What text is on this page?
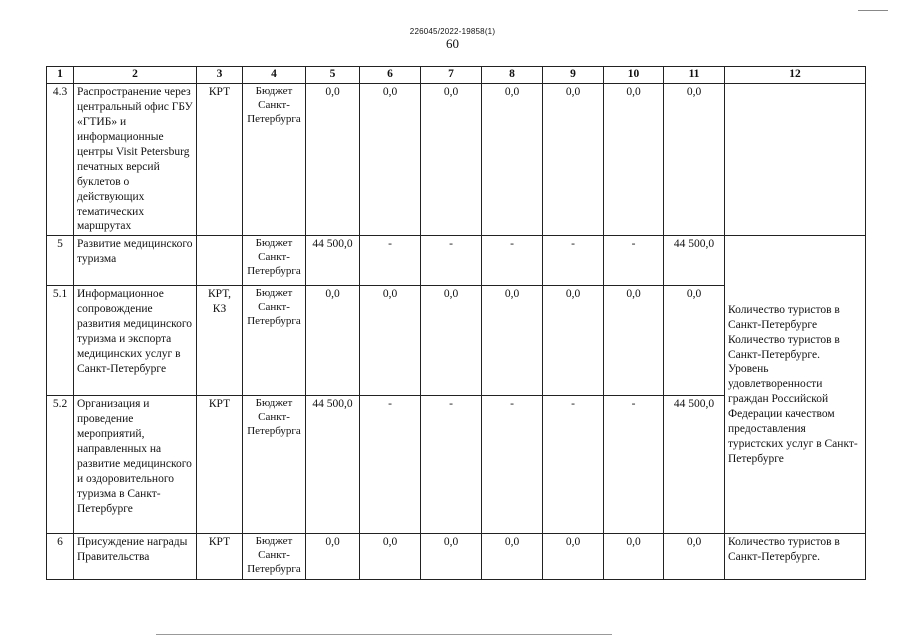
226045/2022-19858(1)
60
1	2	3	4	5	6	7	8	9	10	11	12
4.3	Распространение через центральный офис ГБУ «ГТИБ» и информационные центры Visit Petersburg печатных версий буклетов о действующих тематических маршрутах	КРТ	Бюджет Санкт-Петербурга	0,0	0,0	0,0	0,0	0,0	0,0	0,0	
5	Развитие медицинского туризма		Бюджет Санкт-Петербурга	44 500,0	-	-	-	-	-	44 500,0	Количество туристов в Санкт-Петербурге Количество туристов в Санкт-Петербурге. Уровень удовлетворенности граждан Российской Федерации качеством предоставления туристских услуг в Санкт-Петербурге
5.1	Информационное сопровождение развития медицинского туризма и экспорта медицинских услуг в Санкт-Петербурге	КРТ, КЗ	Бюджет Санкт-Петербурга	0,0	0,0	0,0	0,0	0,0	0,0	0,0	
5.2	Организация и проведение мероприятий, направленных на развитие медицинского и оздоровительного туризма в Санкт-Петербурге	КРТ	Бюджет Санкт-Петербурга	44 500,0	-	-	-	-	-	44 500,0	
6	Присуждение награды Правительства	КРТ	Бюджет Санкт-Петербурга	0,0	0,0	0,0	0,0	0,0	0,0	0,0	Количество туристов в Санкт-Петербурге.
